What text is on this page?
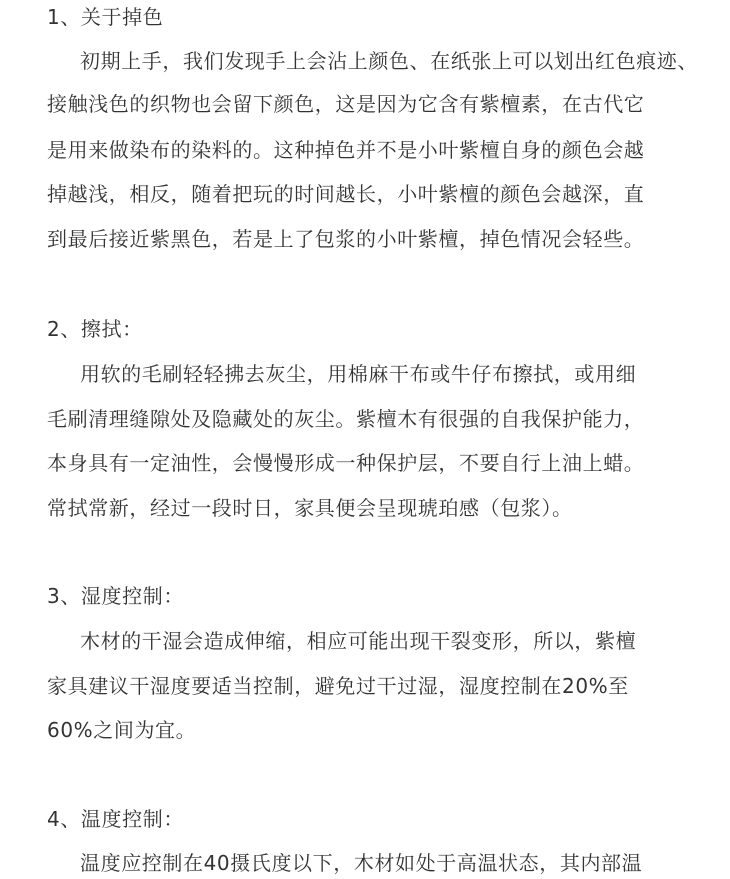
1、关于掉色
初期上手，我们发现手上会沾上颜色、在纸张上可以划出红色痕迹、
接触浅色的织物也会留下颜色，这是因为它含有紫檀素，在古代它
是用来做染布的染料的。这种掉色并不是小叶紫檀自身的颜色会越
掉越浅，相反，随着把玩的时间越长，小叶紫檀的颜色会越深，直
到最后接近紫黑色，若是上了包浆的小叶紫檀，掉色情况会轻些。
2、擦拭：
用软的毛刷轻轻拂去灰尘，用棉麻干布或牛仔布擦拭，或用细
毛刷清理缝隙处及隐藏处的灰尘。紫檀木有很强的自我保护能力，
本身具有一定油性，会慢慢形成一种保护层，不要自行上油上蜡。
常拭常新，经过一段时日，家具便会呈现琥珀感（包浆）。
3、湿度控制：
木材的干湿会造成伸缩，相应可能出现干裂变形，所以，紫檀
家具建议干湿度要适当控制，避免过干过湿，湿度控制在20%至
60%之间为宜。
4、温度控制：
温度应控制在40摄氏度以下，木材如处于高温状态，其内部温
